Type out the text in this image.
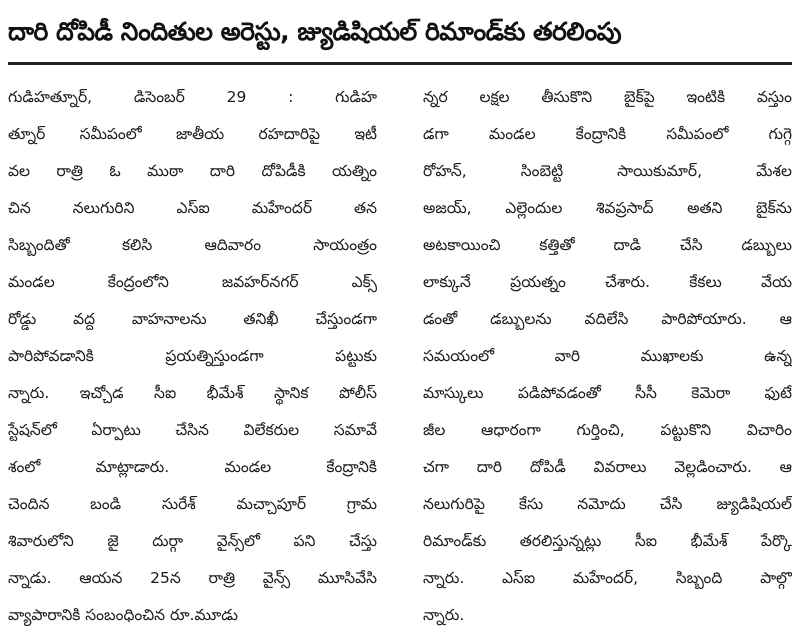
దారి దోపిడీ నిందితుల అరెస్టు, జ్యుడిషియల్ రిమాండ్‌కు తరలింపు
గుడిహత్నూర్, డిసెంబర్ 29 : గుడిహ
త్నూర్ సమీపంలో జాతీయ రహదారిపై ఇటీ
వల రాత్రి ఓ ముఠా దారి దోపిడీకి యత్నిం
చిన నలుగురిని ఎస్ఐ మహేందర్ తన
సిబ్బందితో కలిసి ఆదివారం సాయంత్రం
మండల కేంద్రంలోని జవహర్‌నగర్ ఎక్స్
రోడ్డు వద్ద వాహనాలను తనిఖీ చేస్తుండగా
పారిపోవడానికి ప్రయత్నిస్తుండగా పట్టుకు
న్నారు. ఇచ్చోడ సీఐ భీమేశ్ స్థానిక పోలీస్
స్టేషన్‌లో ఏర్పాటు చేసిన విలేకరుల సమావే
శంలో మాట్లాడారు. మండల కేంద్రానికి
చెందిన బండి సురేశ్ మచ్చాపూర్ గ్రామ
శివారులోని జై దుర్గా వైన్స్‌లో పని చేస్తు
న్నాడు. ఆయన 25న రాత్రి వైన్స్ మూసివేసి
వ్యాపారానికి సంబంధించిన రూ.మూడు
న్నర లక్షల తీసుకొని బైక్‌పై ఇంటికి వస్తుం
డగా మండల కేంద్రానికి సమీపంలో గుగ్గె
రోహన్, సింబెట్టి సాయికుమార్, మేశల
అజయ్, ఎల్లెందుల శివప్రసాద్ అతని బైక్‌ను
అటకాయించి కత్తితో దాడి చేసి డబ్బులు
లాక్కునే ప్రయత్నం చేశారు. కేకలు వేయ
డంతో డబ్బులను వదిలేసి పారిపోయారు. ఆ
సమయంలో వారి ముఖాలకు ఉన్న
మాస్కులు పడిపోవడంతో సీసీ కెమెరా ఫుటే
జీల ఆధారంగా గుర్తించి, పట్టుకొని విచారిం
చగా దారి దోపిడీ వివరాలు వెల్లడించారు. ఆ
నలుగురిపై కేసు నమోదు చేసి జ్యుడిషియల్
రిమాండ్‌కు తరలిస్తున్నట్లు సీఐ భీమేశ్ పేర్కొ
న్నారు. ఎస్ఐ మహేందర్, సిబ్బంది పాల్గొ
న్నారు.
